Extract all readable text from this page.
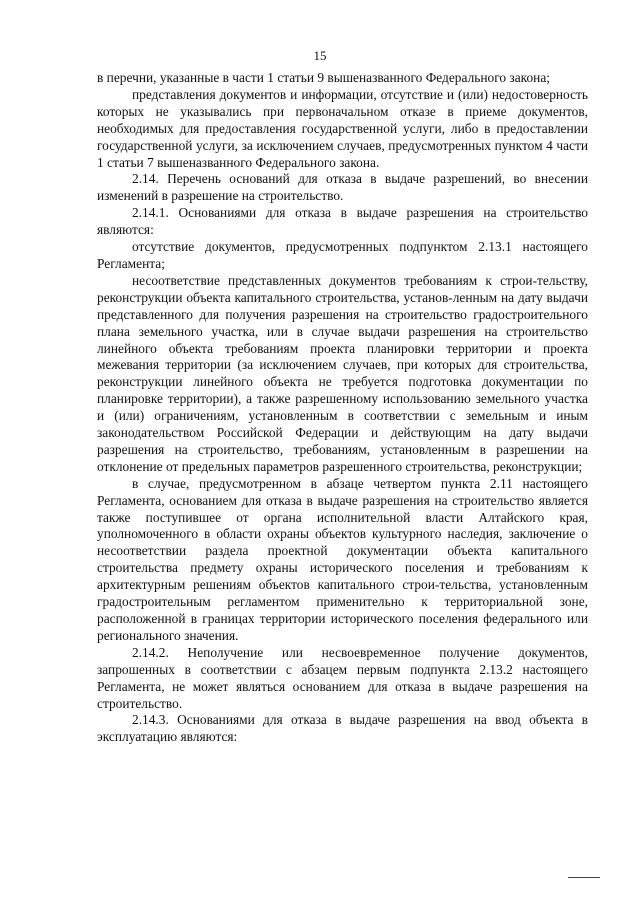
15

в перечни, указанные в части 1 статьи 9 вышеназванного Федерального закона;

представления документов и информации, отсутствие и (или) недостоверность которых не указывались при первоначальном отказе в приеме документов, необходимых для предоставления государственной услуги, либо в предоставлении государственной услуги, за исключением случаев, предусмотренных пунктом 4 части 1 статьи 7 вышеназванного Федерального закона.

2.14. Перечень оснований для отказа в выдаче разрешений, во внесении изменений в разрешение на строительство.

2.14.1. Основаниями для отказа в выдаче разрешения на строительство являются:

отсутствие документов, предусмотренных подпунктом 2.13.1 настоящего Регламента;

несоответствие представленных документов требованиям к строи-тельству, реконструкции объекта капитального строительства, установ-ленным на дату выдачи представленного для получения разрешения на строительство градостроительного плана земельного участка, или в случае выдачи разрешения на строительство линейного объекта требованиям проекта планировки территории и проекта межевания территории (за исключением случаев, при которых для строительства, реконструкции линейного объекта не требуется подготовка документации по планировке территории), а также разрешенному использованию земельного участка и (или) ограничениям, установленным в соответствии с земельным и иным законодательством Российской Федерации и действующим на дату выдачи разрешения на строительство, требованиям, установленным в разрешении на отклонение от предельных параметров разрешенного строительства, реконструкции;

в случае, предусмотренном в абзаце четвертом пункта 2.11 настоящего Регламента, основанием для отказа в выдаче разрешения на строительство является также поступившее от органа исполнительной власти Алтайского края, уполномоченного в области охраны объектов культурного наследия, заключение о несоответствии раздела проектной документации объекта капитального строительства предмету охраны исторического поселения и требованиям к архитектурным решениям объектов капитального строи-тельства, установленным градостроительным регламентом применительно к территориальной зоне, расположенной в границах территории исторического поселения федерального или регионального значения.

2.14.2. Неполучение или несвоевременное получение документов, запрошенных в соответствии с абзацем первым подпункта 2.13.2 настоящего Регламента, не может являться основанием для отказа в выдаче разрешения на строительство.

2.14.3. Основаниями для отказа в выдаче разрешения на ввод объекта в эксплуатацию являются:
